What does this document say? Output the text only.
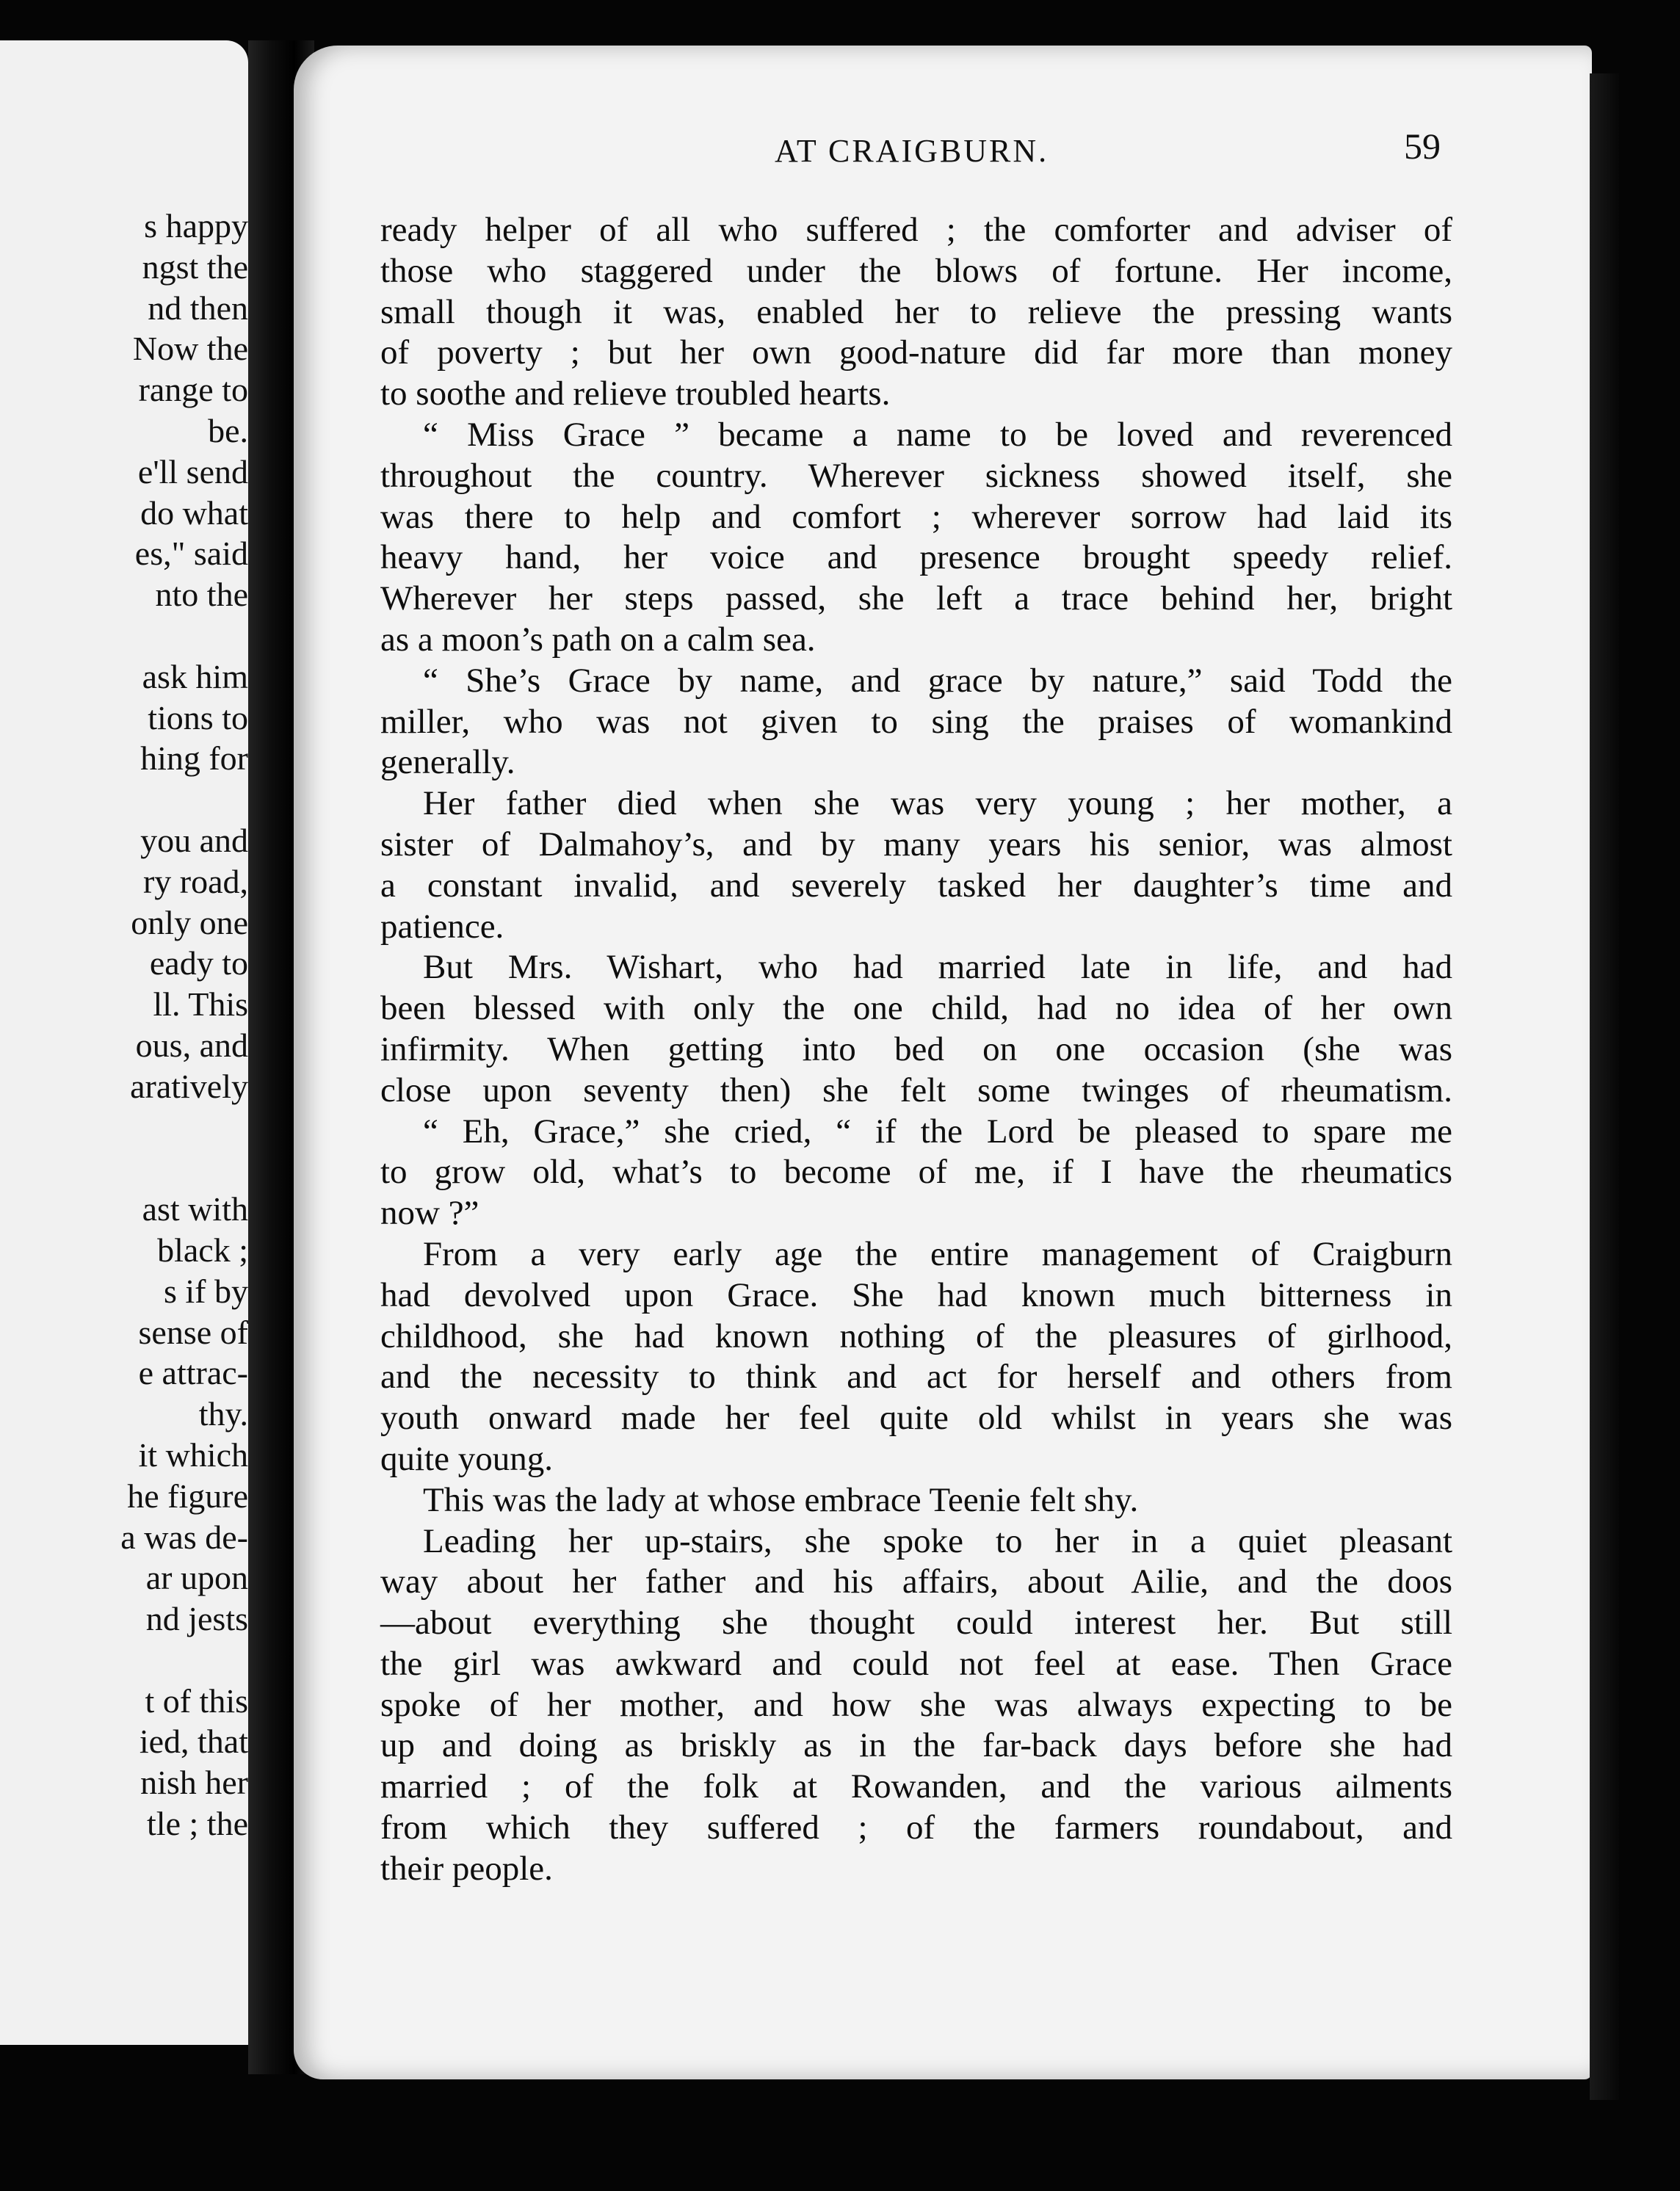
s happy
ngst the
nd then
Now the
range to
be.
e'll send
do what
es," said
nto the
ask him
tions to
hing for
you and
ry road,
only one
eady to
ll. This
ous, and
aratively
ast with
black ;
s if by
sense of
e attrac-
thy.
it which
he figure
a was de-
ar upon
nd jests
t of this
ied, that
nish her
tle ; the
AT CRAIGBURN.	59
ready helper of all who suffered ; the comforter and adviser of
those who staggered under the blows of fortune. Her income,
small though it was, enabled her to relieve the pressing wants
of poverty ; but her own good-nature did far more than money
to soothe and relieve troubled hearts.
“ Miss Grace ” became a name to be loved and reverenced
throughout the country. Wherever sickness showed itself, she
was there to help and comfort ; wherever sorrow had laid its
heavy hand, her voice and presence brought speedy relief.
Wherever her steps passed, she left a trace behind her, bright
as a moon’s path on a calm sea.
“ She’s Grace by name, and grace by nature,” said Todd the
miller, who was not given to sing the praises of womankind
generally.
Her father died when she was very young ; her mother, a
sister of Dalmahoy’s, and by many years his senior, was almost
a constant invalid, and severely tasked her daughter’s time and
patience.
But Mrs. Wishart, who had married late in life, and had
been blessed with only the one child, had no idea of her own
infirmity. When getting into bed on one occasion (she was
close upon seventy then) she felt some twinges of rheumatism.
“ Eh, Grace,” she cried, “ if the Lord be pleased to spare me
to grow old, what’s to become of me, if I have the rheumatics
now ?”
From a very early age the entire management of Craigburn
had devolved upon Grace. She had known much bitterness in
childhood, she had known nothing of the pleasures of girlhood,
and the necessity to think and act for herself and others from
youth onward made her feel quite old whilst in years she was
quite young.
This was the lady at whose embrace Teenie felt shy.
Leading her up-stairs, she spoke to her in a quiet pleasant
way about her father and his affairs, about Ailie, and the doos
—about everything she thought could interest her. But still
the girl was awkward and could not feel at ease. Then Grace
spoke of her mother, and how she was always expecting to be
up and doing as briskly as in the far-back days before she had
married ; of the folk at Rowanden, and the various ailments
from which they suffered ; of the farmers roundabout, and
their people.
